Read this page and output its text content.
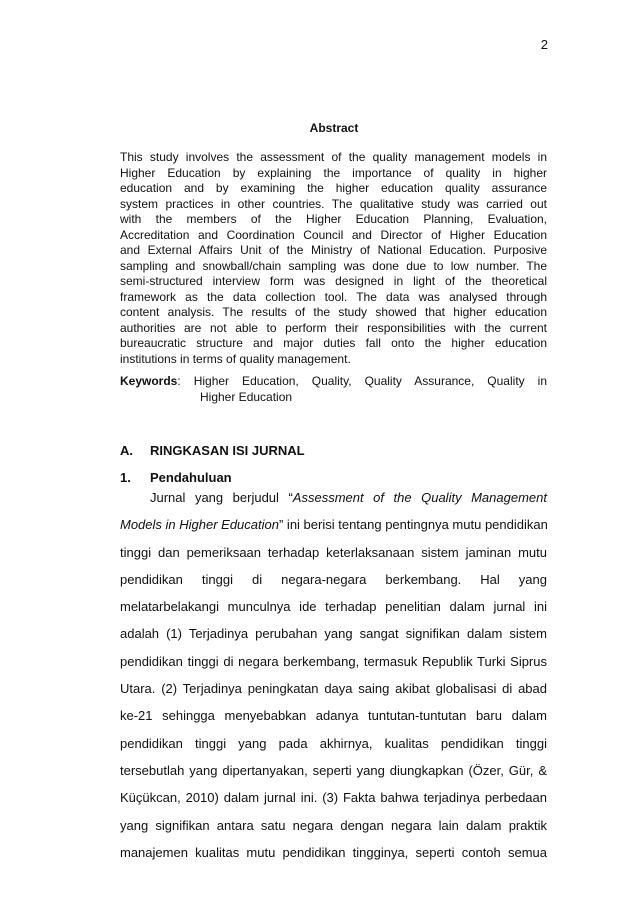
2
Abstract
This study involves the assessment of the quality management models in
Higher Education by explaining the importance of quality in higher
education and by examining the higher education quality assurance
system practices in other countries. The qualitative study was carried out
with the members of the Higher Education Planning, Evaluation,
Accreditation and Coordination Council and Director of Higher Education
and External Affairs Unit of the Ministry of National Education. Purposive
sampling and snowball/chain sampling was done due to low number. The
semi-structured interview form was designed in light of the theoretical
framework as the data collection tool. The data was analysed through
content analysis. The results of the study showed that higher education
authorities are not able to perform their responsibilities with the current
bureaucratic structure and major duties fall onto the higher education
institutions in terms of quality management.
Keywords: Higher Education, Quality, Quality Assurance, Quality in
Higher Education
A. RINGKASAN ISI JURNAL
1. Pendahuluan
Jurnal yang berjudul “Assessment of the Quality Management
Models in Higher Education” ini berisi tentang pentingnya mutu pendidikan
tinggi dan pemeriksaan terhadap keterlaksanaan sistem jaminan mutu
pendidikan tinggi di negara-negara berkembang. Hal yang
melatarbelakangi munculnya ide terhadap penelitian dalam jurnal ini
adalah (1) Terjadinya perubahan yang sangat signifikan dalam sistem
pendidikan tinggi di negara berkembang, termasuk Republik Turki Siprus
Utara. (2) Terjadinya peningkatan daya saing akibat globalisasi di abad
ke-21 sehingga menyebabkan adanya tuntutan-tuntutan baru dalam
pendidikan tinggi yang pada akhirnya, kualitas pendidikan tinggi
tersebutlah yang dipertanyakan, seperti yang diungkapkan (Özer, Gür, &
Küçükcan, 2010) dalam jurnal ini. (3) Fakta bahwa terjadinya perbedaan
yang signifikan antara satu negara dengan negara lain dalam praktik
manajemen kualitas mutu pendidikan tingginya, seperti contoh semua
